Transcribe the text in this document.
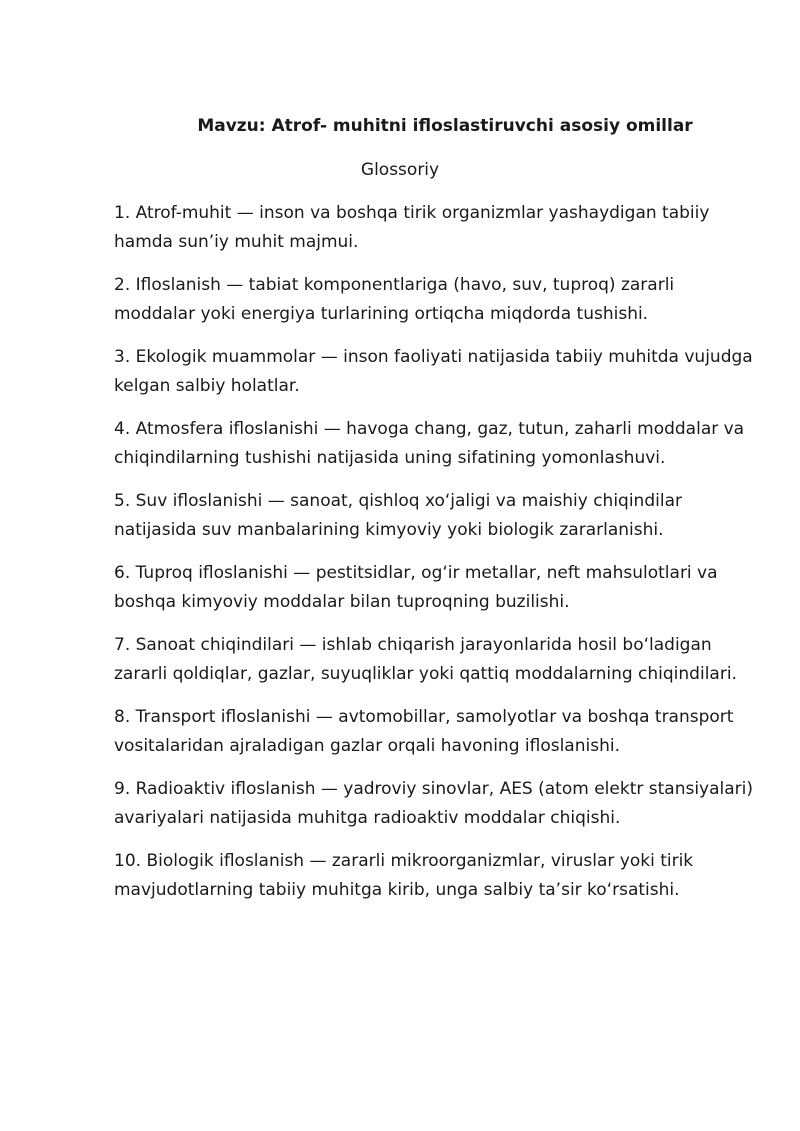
Mavzu: Atrof- muhitni ifloslastiruvchi asosiy omillar
Glossoriy
1. Atrof-muhit — inson va boshqa tirik organizmlar yashaydigan tabiiy hamda sun’iy muhit majmui.
2. Ifloslanish — tabiat komponentlariga (havo, suv, tuproq) zararli moddalar yoki energiya turlarining ortiqcha miqdorda tushishi.
3. Ekologik muammolar — inson faoliyati natijasida tabiiy muhitda vujudga kelgan salbiy holatlar.
4. Atmosfera ifloslanishi — havoga chang, gaz, tutun, zaharli moddalar va chiqindilarning tushishi natijasida uning sifatining yomonlashuvi.
5. Suv ifloslanishi — sanoat, qishloq xo‘jaligi va maishiy chiqindilar natijasida suv manbalarining kimyoviy yoki biologik zararlanishi.
6. Tuproq ifloslanishi — pestitsidlar, og‘ir metallar, neft mahsulotlari va boshqa kimyoviy moddalar bilan tuproqning buzilishi.
7. Sanoat chiqindilari — ishlab chiqarish jarayonlarida hosil bo‘ladigan zararli qoldiqlar, gazlar, suyuqliklar yoki qattiq moddalarning chiqindilari.
8. Transport ifloslanishi — avtomobillar, samolyotlar va boshqa transport vositalaridan ajraladigan gazlar orqali havoning ifloslanishi.
9. Radioaktiv ifloslanish — yadroviy sinovlar, AES (atom elektr stansiyalari) avariyalari natijasida muhitga radioaktiv moddalar chiqishi.
10. Biologik ifloslanish — zararli mikroorganizmlar, viruslar yoki tirik mavjudotlarning tabiiy muhitga kirib, unga salbiy ta’sir ko‘rsatishi.
